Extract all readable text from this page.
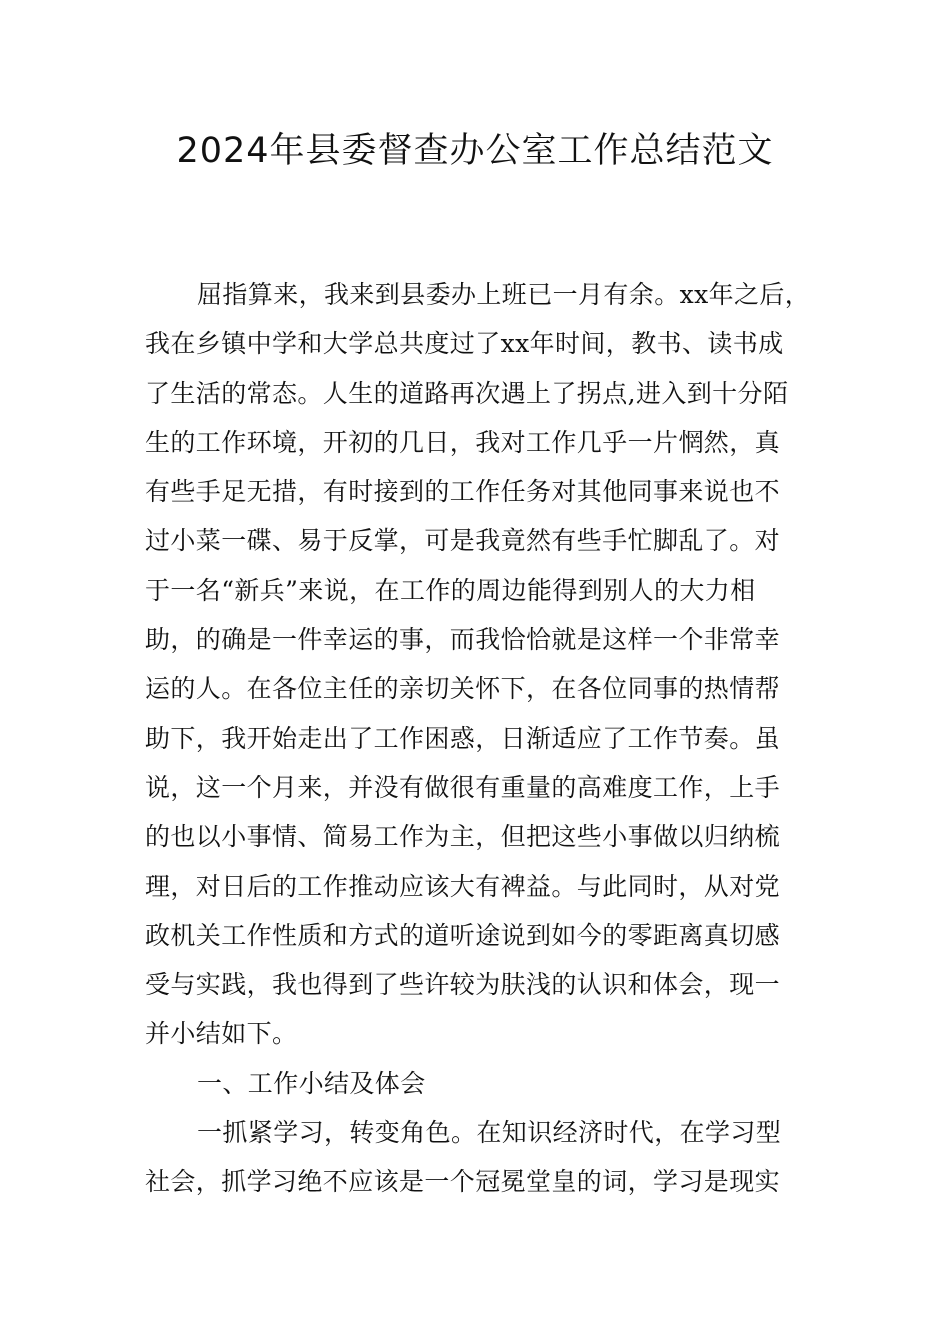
2024年县委督查办公室工作总结范文
屈指算来，我来到县委办上班已一月有余。xx年之后，
我在乡镇中学和大学总共度过了xx年时间，教书、读书成
了生活的常态。人生的道路再次遇上了拐点,进入到十分陌
生的工作环境，开初的几日，我对工作几乎一片惘然，真
有些手足无措，有时接到的工作任务对其他同事来说也不
过小菜一碟、易于反掌，可是我竟然有些手忙脚乱了。对
于一名“新兵”来说，在工作的周边能得到别人的大力相
助，的确是一件幸运的事，而我恰恰就是这样一个非常幸
运的人。在各位主任的亲切关怀下，在各位同事的热情帮
助下，我开始走出了工作困惑，日渐适应了工作节奏。虽
说，这一个月来，并没有做很有重量的高难度工作，上手
的也以小事情、简易工作为主，但把这些小事做以归纳梳
理，对日后的工作推动应该大有裨益。与此同时，从对党
政机关工作性质和方式的道听途说到如今的零距离真切感
受与实践，我也得到了些许较为肤浅的认识和体会，现一
并小结如下。
一、工作小结及体会
一抓紧学习，转变角色。在知识经济时代，在学习型
社会，抓学习绝不应该是一个冠冕堂皇的词，学习是现实
